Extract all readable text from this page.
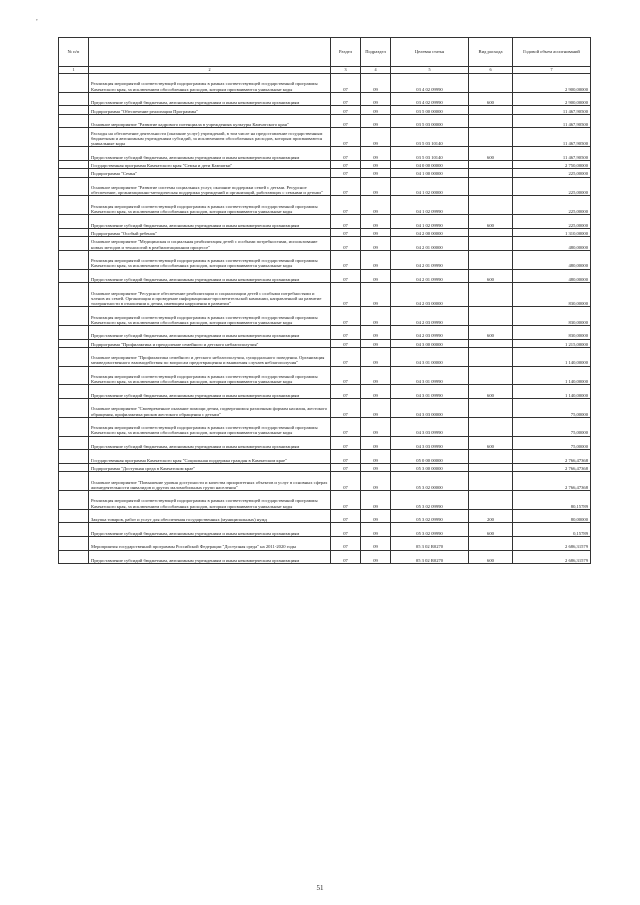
,
№ п/п		Раздел	Подраздел	Целевая статья	Вид расхода	Годовой объем ассигнований
1	2	3	4	5	6	7
	Реализация мероприятий соответствующей подпрограммы в рамках соответствующей государственной программы Камчатского края, за исключением обособленных расходов, которым присваиваются уникальные коды	07	09	03 4 02 09990		2 900,00000
	Предоставление субсидий бюджетным, автономным учреждениям и иным некоммерческим организациям	07	09	03 4 02 09990	600	2 900,00000
	Подпрограмма "Обеспечение реализации Программы"	07	09	03 5 00 00000		11 467,90500
	Основное мероприятие "Развитие кадрового потенциала в учреждениях культуры Камчатского края"	07	09	03 5 03 00000		11 467,90500
	Расходы на обеспечение деятельности (оказание услуг) учреждений, в том числе на предоставление государственным бюджетным и автономным учреждениям субсидий, за исключением обособленных расходов, которым присваиваются уникальные коды	07	09	03 5 03 10140		11 467,90500
	Предоставление субсидий бюджетным, автономным учреждениям и иным некоммерческим организациям	07	09	03 5 03 10140	600	11 467,90500
	Государственная программа Камчатского края "Семья и дети Камчатки"	07	09	04 0 00 00000		2 750,00000
	Подпрограмма "Семья"	07	09	04 1 00 00000		225,00000
	Основное мероприятие "Развитие системы социальных услуг, оказание поддержки семей с детьми. Ресурсное обеспечение, организационно-методическая поддержка учреждений и организаций, работающих с семьями и детьми"	07	09	04 1 02 00000		225,00000
	Реализация мероприятий соответствующей подпрограммы в рамках соответствующей государственной программы Камчатского края, за исключением обособленных расходов, которым присваиваются уникальные коды	07	09	04 1 02 09990		225,00000
	Предоставление субсидий бюджетным, автономным учреждениям и иным некоммерческим организациям	07	09	04 1 02 09990	600	225,00000
	Подпрограмма "Особый ребенок"	07	09	04 2 00 00000		1 310,00000
	Основное мероприятие "Медицинская и социальная реабилитация детей с особыми потребностями, использование новых методов и технологий в реабилитационном процессе"	07	09	04 2 01 00000		480,00000
	Реализация мероприятий соответствующей подпрограммы в рамках соответствующей государственной программы Камчатского края, за исключением обособленных расходов, которым присваиваются уникальные коды	07	09	04 2 01 09990		480,00000
	Предоставление субсидий бюджетным, автономным учреждениям и иным некоммерческим организациям	07	09	04 2 01 09990	600	480,00000
	Основное мероприятие "Ресурсное обеспечение реабилитации и социализации детей с особыми потребностями и членов их семей. Организация и проведение информационно-просветительской кампании, направленной на развитие толерантности в отношении к детям, имеющим нарушения в развитии"	07	09	04 2 03 00000		830,00000
	Реализация мероприятий соответствующей подпрограммы в рамках соответствующей государственной программы Камчатского края, за исключением обособленных расходов, которым присваиваются уникальные коды	07	09	04 2 03 09990		830,00000
	Предоставление субсидий бюджетным, автономным учреждениям и иным некоммерческим организациям	07	09	04 2 03 09990	600	830,00000
	Подпрограмма "Профилактика и преодоление семейного и детского неблагополучия"	07	09	04 3 00 00000		1 215,00000
	Основное мероприятие "Профилактика семейного и детского неблагополучия, суицидального поведения. Организация межведомственного взаимодействия по вопросам предотвращения и выявления случаев неблагополучия"	07	09	04 3 01 00000		1 140,00000
	Реализация мероприятий соответствующей подпрограммы в рамках соответствующей государственной программы Камчатского края, за исключением обособленных расходов, которым присваиваются уникальные коды	07	09	04 3 01 09990		1 140,00000
	Предоставление субсидий бюджетным, автономным учреждениям и иным некоммерческим организациям	07	09	04 3 01 09990	600	1 140,00000
	Основное мероприятие "Своевременное оказание помощи детям, подвергшимся различным формам насилия, жестокого обращения, профилактика рисков жестокого обращения с детьми"	07	09	04 3 03 00000		75,00000
	Реализация мероприятий соответствующей подпрограммы в рамках соответствующей государственной программы Камчатского края, за исключением обособленных расходов, которым присваиваются уникальные коды	07	09	04 3 03 09990		75,00000
	Предоставление субсидий бюджетным, автономным учреждениям и иным некоммерческим организациям	07	09	04 3 03 09990	600	75,00000
	Государственная программа Камчатского края "Социальная поддержка граждан в Камчатском крае"	07	09	05 0 00 00000		2 766,47368
	Подпрограмма "Доступная среда в Камчатском крае"	07	09	05 3 00 00000		2 766,47368
	Основное мероприятие "Повышение уровня доступности и качества приоритетных объектов и услуг в основных сферах жизнедеятельности инвалидов и других маломобильных групп населения"	07	09	05 3 02 00000		2 766,47368
	Реализация мероприятий соответствующей подпрограммы в рамках соответствующей государственной программы Камчатского края, за исключением обособленных расходов, которым присваиваются уникальные коды	07	09	05 3 02 09990		80,15789
	Закупка товаров, работ и услуг для обеспечения государственных (муниципальных) нужд	07	09	05 3 02 09990	200	80,00000
	Предоставление субсидий бюджетным, автономным учреждениям и иным некоммерческим организациям	07	09	05 3 02 09990	600	0,15789
	Мероприятия государственной программы Российской Федерации "Доступная среда" на 2011-2020 годы	07	09	05 3 02 R0270		2 686,31579
	Предоставление субсидий бюджетным, автономным учреждениям и иным некоммерческим организациям	07	09	05 3 02 R0270	600	2 686,31579
51
